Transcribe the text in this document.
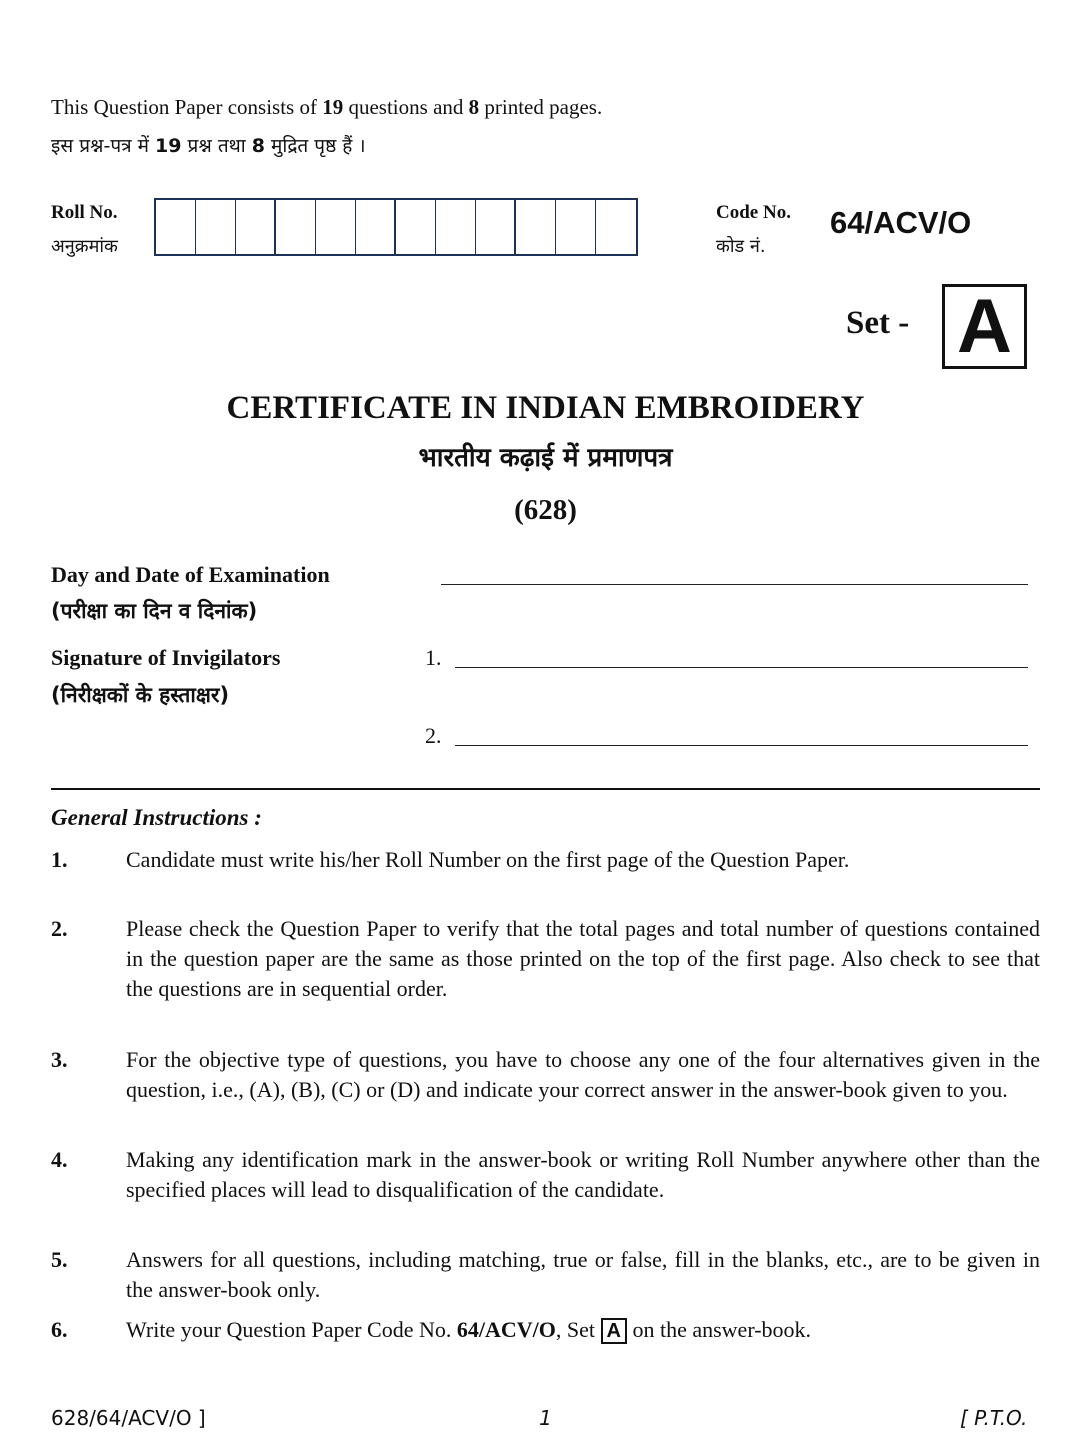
This Question Paper consists of 19 questions and 8 printed pages.
इस प्रश्न-पत्र में 19 प्रश्न तथा 8 मुद्रित पृष्ठ हैं ।
Roll No.
अनुक्रमांक
Code No.
कोड नं.
64/ACV/O
Set - A
CERTIFICATE IN INDIAN EMBROIDERY
भारतीय कढ़ाई में प्रमाणपत्र
(628)
Day and Date of Examination
(परीक्षा का दिन व दिनांक)
Signature of Invigilators
(निरीक्षकों के हस्ताक्षर)
1.
2.
General Instructions :
1.	Candidate must write his/her Roll Number on the first page of the Question Paper.
2.	Please check the Question Paper to verify that the total pages and total number of questions contained in the question paper are the same as those printed on the top of the first page. Also check to see that the questions are in sequential order.
3.	For the objective type of questions, you have to choose any one of the four alternatives given in the question, i.e., (A), (B), (C) or (D) and indicate your correct answer in the answer-book given to you.
4.	Making any identification mark in the answer-book or writing Roll Number anywhere other than the specified places will lead to disqualification of the candidate.
5.	Answers for all questions, including matching, true or false, fill in the blanks, etc., are to be given in the answer-book only.
6.	Write your Question Paper Code No. 64/ACV/O, Set A on the answer-book.
628/64/ACV/O ]	1	[ P.T.O.
